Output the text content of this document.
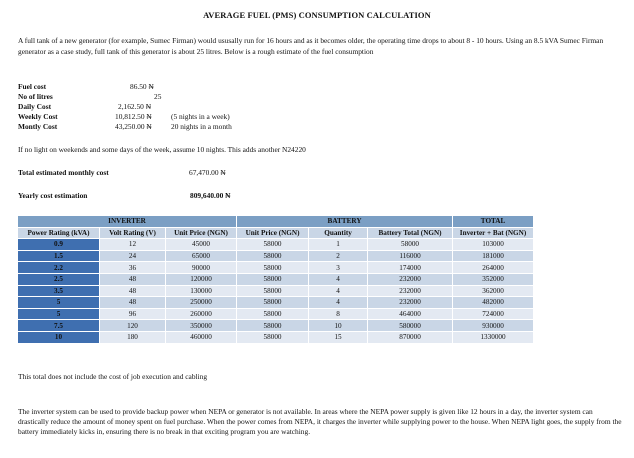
AVERAGE FUEL (PMS) CONSUMPTION CALCULATION
A full tank of a new generator (for example, Sumec Firman) would ususally run for 16 hours and as it becomes older, the operating time drops to about 8 - 10 hours. Using an 8.5 kVA Sumec Firman generator as a case study, full tank of this generator is about 25 litres. Below is a rough estimate of the fuel consumption
Fuel cost	86.50 ₦
No of litres	25
Daily Cost	2,162.50 ₦
Weekly Cost	10,812.50 ₦	(5 nights in a week)
Montly Cost	43,250.00 ₦	20 nights in a month
If no light on weekends and some days of the week, assume 10 nights. This adds another N24220
Total estimated monthly cost	67,470.00 ₦
Yearly cost estimation	809,640.00 ₦
INVERTER			BATTERY			TOTAL
Power Rating (kVA)	Volt Rating (V)	Unit Price (NGN)	Unit Price (NGN)	Quantity	Battery Total (NGN)	Inverter + Bat (NGN)
0.9	12	45000	58000	1	58000	103000
1.5	24	65000	58000	2	116000	181000
2.2	36	90000	58000	3	174000	264000
2.5	48	120000	58000	4	232000	352000
3.5	48	130000	58000	4	232000	362000
5	48	250000	58000	4	232000	482000
5	96	260000	58000	8	464000	724000
7.5	120	350000	58000	10	580000	930000
10	180	460000	58000	15	870000	1330000
This total does not include the cost of job execution and cabling
The inverter system can be used to provide backup power when NEPA or generator is not available. In areas where the NEPA power supply is given like 12 hours in a day, the inverter system can drastically reduce the amount of money spent on fuel purchase. When the power comes from NEPA, it charges the inverter while supplying power to the house. When NEPA light goes, the supply from the battery immediately kicks in, ensuring there is no break in that exciting program you are watching.
